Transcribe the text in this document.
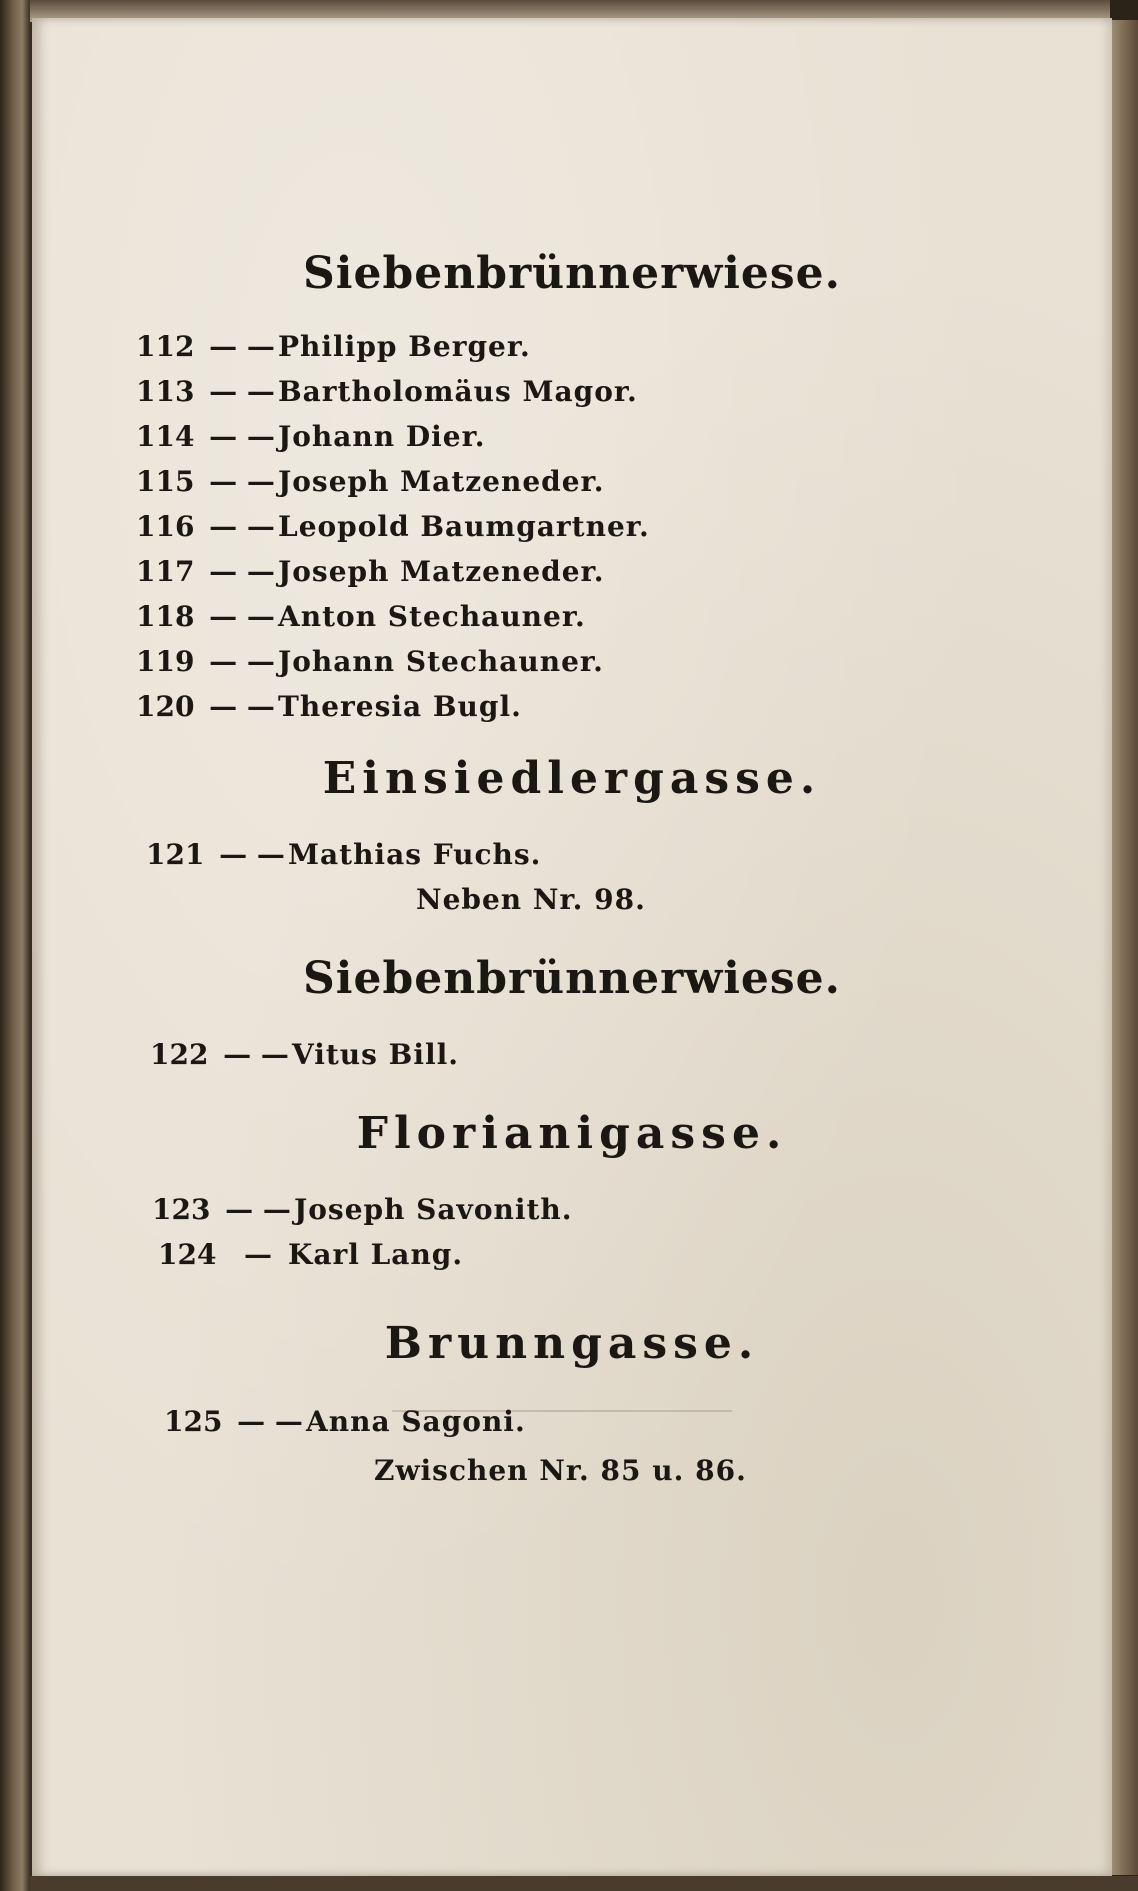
Siebenbrünnerwiese.
112 — — Philipp Berger.
113 — — Bartholomäus Magor.
114 — — Johann Dier.
115 — — Joseph Matzeneder.
116 — — Leopold Baumgartner.
117 — — Joseph Matzeneder.
118 — — Anton Stechauner.
119 — — Johann Stechauner.
120 — — Theresia Bugl.
Einsiedlergasse.
121 — — Mathias Fuchs.
Neben Nr. 98.
Siebenbrünnerwiese.
122 — — Vitus Bill.
Florianigasse.
123 — — Joseph Savonith.
124 — Karl Lang.
Brunngasse.
125 — — Anna Sagoni.
Zwischen Nr. 85 u. 86.
